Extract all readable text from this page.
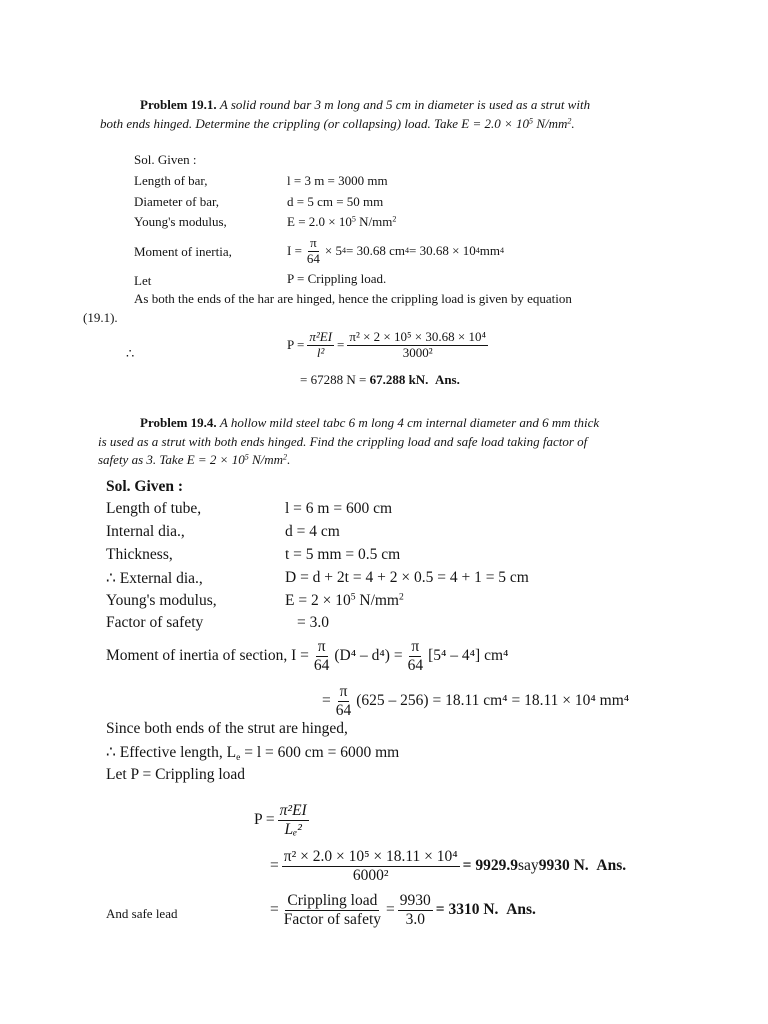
Problem 19.1. A solid round bar 3 m long and 5 cm in diameter is used as a strut with
both ends hinged. Determine the crippling (or collapsing) load. Take $E = 2.0 \times 10^5$ $N/mm^2$.
Sol. Given :
Length of bar,	l = 3 m = 3000 mm
Diameter of bar,	d = 5 cm = 50 mm
Young's modulus,	$E = 2.0 \times 10^5$ $N/mm^2$
Moment of inertia,	$I = \frac{\pi}{64} \times 5$ 4 = 30.68 cm 4 = 30.68 × 10 4 mm 4
Let	P = Crippling load.
As both the ends of the har are hinged, hence the crippling load is given by equation
(19.1).
∴
$P = \frac{\text{π²EI}}{\text{l²}} = \frac{\text{π² × 2 × 10⁵ × 30.68 × 10⁴}}{\text{3000²}}$
= 67288 N = 67.288 kN. Ans.
Problem 19.4. A hollow mild steel tabc 6 m long 4 cm internal diameter and 6 mm thick
is used as a strut with both ends hinged. Find the crippling load and safe load taking factor of
safety as 3. Take $E = 2 \times 10^5$ $N/mm^2$.
Sol. Given :
Length of tube,	l = 6 m = 600 cm
Internal dia.,	d = 4 cm
Thickness,	t = 5 mm = 0.5 cm
∴ External dia.,	D = d + 2t = 4 + 2 × 0.5 = 4 + 1 = 5 cm
Young's modulus,	$E = 2 \times 10^5$ $N/mm^2$
Factor of safety	= 3.0
Moment of inertia of section, $I = \frac{\pi}{64} (D^4 - d^4) = \frac{\pi}{64} [5^4 - 4^4]$ cm⁴
= $\frac{\pi}{64} (625 - 256) = 18.11$ cm⁴ = 18.11 × 10⁴ mm⁴
Since both ends of the strut are hinged,
∴ Effective length, $L_e = l = 600$ cm = 6000 mm
Let P = Crippling load
$P = \frac{\text{π²EI}}{\text{Lₑ²}}$
= $\frac{\text{π² × 2.0 × 10⁵ × 18.11 × 10⁴}}{\text{6000²}} = 9929.9$ say 9930 N.
Ans.
And safe lead	= $\frac{\text{Crippling load}}{\text{Factor of safety}} = \frac{9930}{3.0} = 3310$ N.
Ans.
